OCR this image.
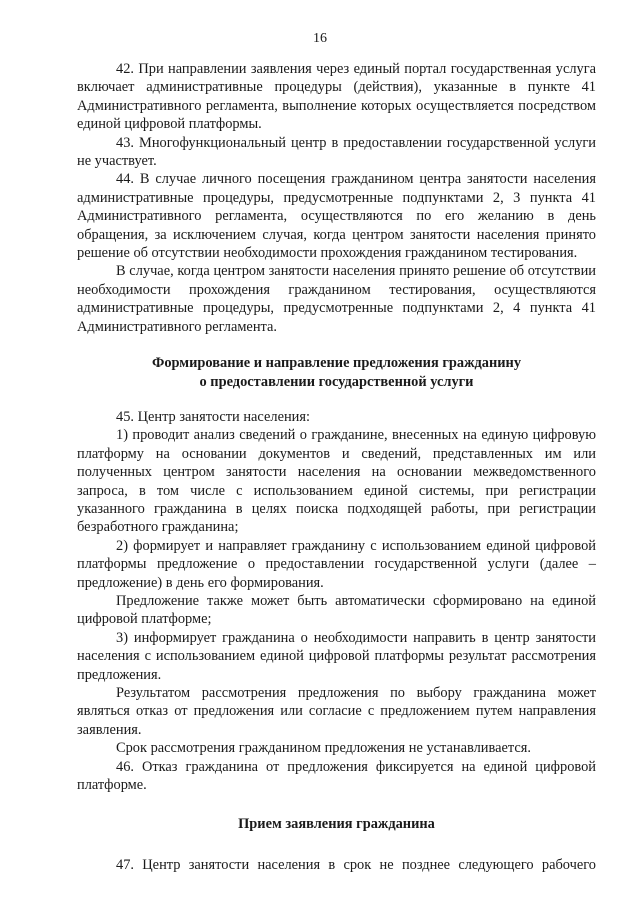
16

42. При направлении заявления через единый портал государственная услуга включает административные процедуры (действия), указанные в пункте 41 Административного регламента, выполнение которых осуществляется посредством единой цифровой платформы.

43. Многофункциональный центр в предоставлении государственной услуги не участвует.

44. В случае личного посещения гражданином центра занятости населения административные процедуры, предусмотренные подпунктами 2, 3 пункта 41 Административного регламента, осуществляются по его желанию в день обращения, за исключением случая, когда центром занятости населения принято решение об отсутствии необходимости прохождения гражданином тестирования.

В случае, когда центром занятости населения принято решение об отсутствии необходимости прохождения гражданином тестирования, осуществляются административные процедуры, предусмотренные подпунктами 2, 4 пункта 41 Административного регламента.

Формирование и направление предложения гражданину
о предоставлении государственной услуги

45. Центр занятости населения:

1) проводит анализ сведений о гражданине, внесенных на единую цифровую платформу на основании документов и сведений, представленных им или полученных центром занятости населения на основании межведомственного запроса, в том числе с использованием единой системы, при регистрации указанного гражданина в целях поиска подходящей работы, при регистрации безработного гражданина;

2) формирует и направляет гражданину с использованием единой цифровой платформы предложение о предоставлении государственной услуги (далее – предложение) в день его формирования.

Предложение также может быть автоматически сформировано на единой цифровой платформе;

3) информирует гражданина о необходимости направить в центр занятости населения с использованием единой цифровой платформы результат рассмотрения предложения.

Результатом рассмотрения предложения по выбору гражданина может являться отказ от предложения или согласие с предложением путем направления заявления.

Срок рассмотрения гражданином предложения не устанавливается.

46. Отказ гражданина от предложения фиксируется на единой цифровой платформе.

Прием заявления гражданина

47. Центр занятости населения в срок не позднее следующего рабочего
